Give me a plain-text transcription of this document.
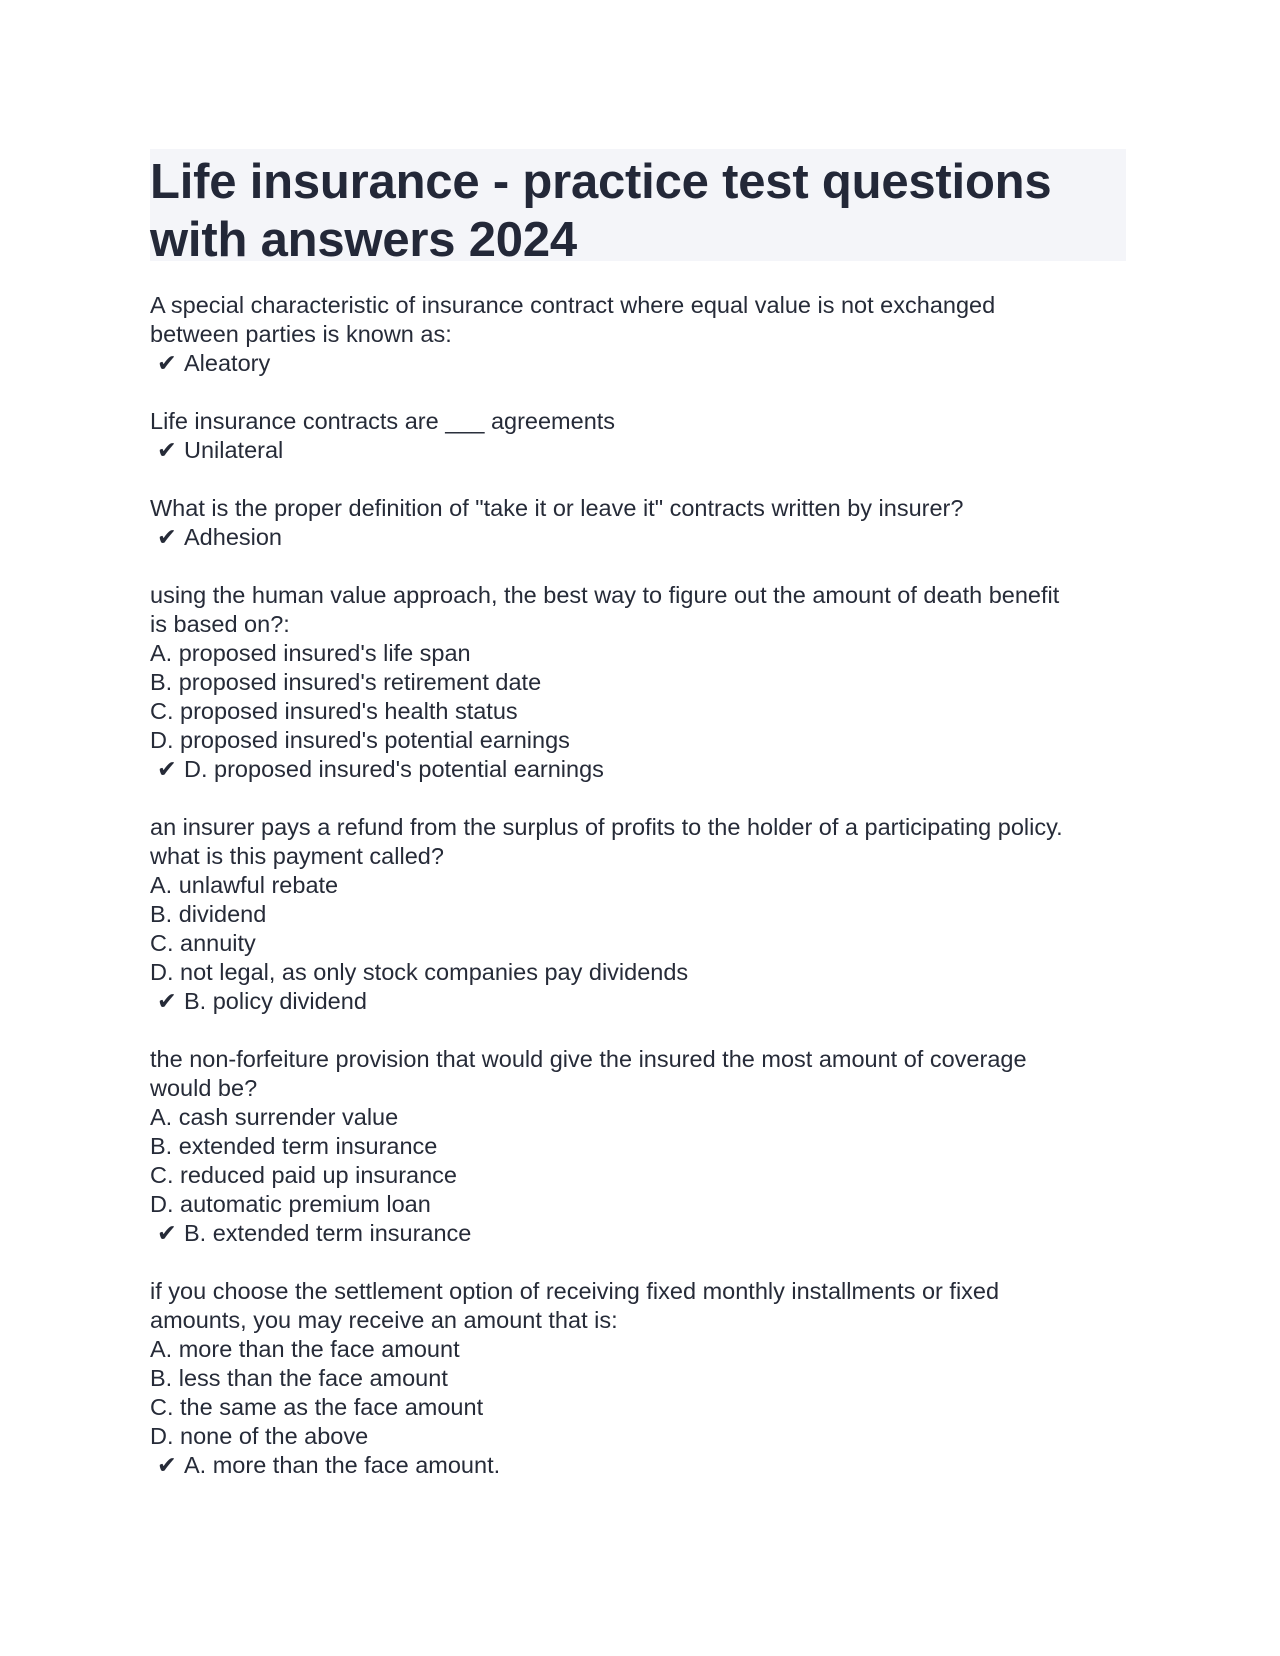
Life insurance - practice test questions
with answers 2024
A special characteristic of insurance contract where equal value is not exchanged
between parties is known as:
✔ Aleatory
Life insurance contracts are ___ agreements
✔ Unilateral
What is the proper definition of "take it or leave it" contracts written by insurer?
✔ Adhesion
using the human value approach, the best way to figure out the amount of death benefit
is based on?:
A. proposed insured's life span
B. proposed insured's retirement date
C. proposed insured's health status
D. proposed insured's potential earnings
✔ D. proposed insured's potential earnings
an insurer pays a refund from the surplus of profits to the holder of a participating policy.
what is this payment called?
A. unlawful rebate
B. dividend
C. annuity
D. not legal, as only stock companies pay dividends
✔ B. policy dividend
the non-forfeiture provision that would give the insured the most amount of coverage
would be?
A. cash surrender value
B. extended term insurance
C. reduced paid up insurance
D. automatic premium loan
✔ B. extended term insurance
if you choose the settlement option of receiving fixed monthly installments or fixed
amounts, you may receive an amount that is:
A. more than the face amount
B. less than the face amount
C. the same as the face amount
D. none of the above
✔ A. more than the face amount.
